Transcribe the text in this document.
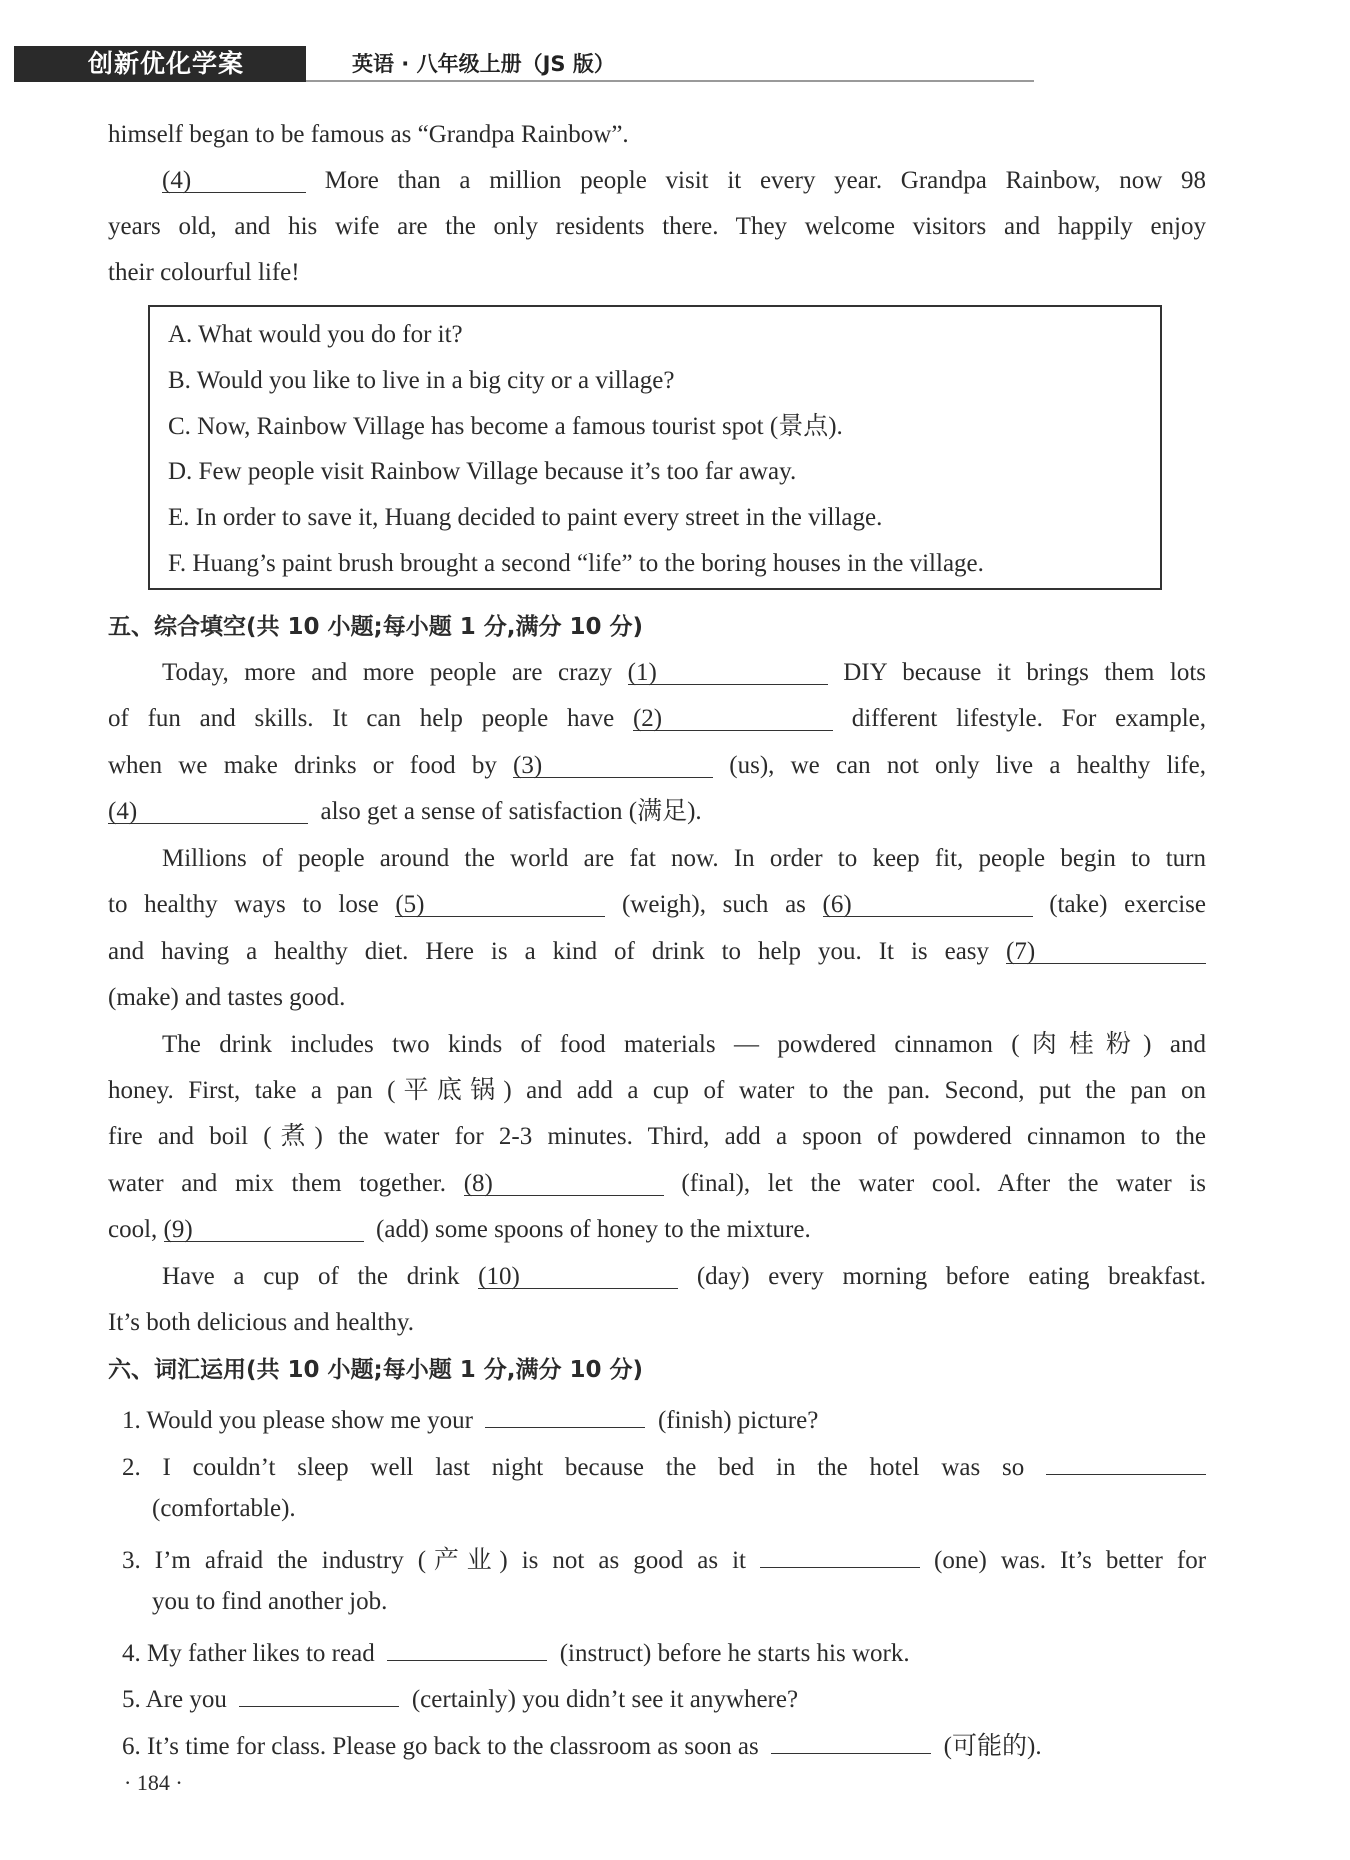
创新优化学案	英语 · 八年级上册（JS 版）
himself began to be famous as “Grandpa Rainbow”.
(4)	More than a million people visit it every year. Grandpa Rainbow, now 98
years old, and his wife are the only residents there. They welcome visitors and happily enjoy
their colourful life!
A. What would you do for it?
B. Would you like to live in a big city or a village?
C. Now, Rainbow Village has become a famous tourist spot (景点).
D. Few people visit Rainbow Village because it’s too far away.
E. In order to save it, Huang decided to paint every street in the village.
F. Huang’s paint brush brought a second “life” to the boring houses in the village.
五、综合填空(共 10 小题;每小题 1 分,满分 10 分)
Today, more and more people are crazy (1)	DIY because it brings them lots
of fun and skills. It can help people have (2)	different lifestyle. For example,
when we make drinks or food by (3)	(us), we can not only live a healthy life,
(4)	also get a sense of satisfaction (满足).
Millions of people around the world are fat now. In order to keep fit, people begin to turn
to healthy ways to lose (5)	(weigh), such as (6)	(take) exercise
and having a healthy diet. Here is a kind of drink to help you. It is easy (7)
(make) and tastes good.
The drink includes two kinds of food materials — powdered cinnamon (肉桂粉) and
honey. First, take a pan (平底锅) and add a cup of water to the pan. Second, put the pan on
fire and boil (煮) the water for 2-3 minutes. Third, add a spoon of powdered cinnamon to the
water and mix them together. (8)	(final), let the water cool. After the water is
cool, (9)	(add) some spoons of honey to the mixture.
Have a cup of the drink (10)	(day) every morning before eating breakfast.
It’s both delicious and healthy.
六、词汇运用(共 10 小题;每小题 1 分,满分 10 分)
1. Would you please show me your	(finish) picture?
2. I couldn’t sleep well last night because the bed in the hotel was so
(comfortable).
3. I’m afraid the industry (产业) is not as good as it	(one) was. It’s better for
you to find another job.
4. My father likes to read	(instruct) before he starts his work.
5. Are you	(certainly) you didn’t see it anywhere?
6. It’s time for class. Please go back to the classroom as soon as	(可能的).
· 184 ·
